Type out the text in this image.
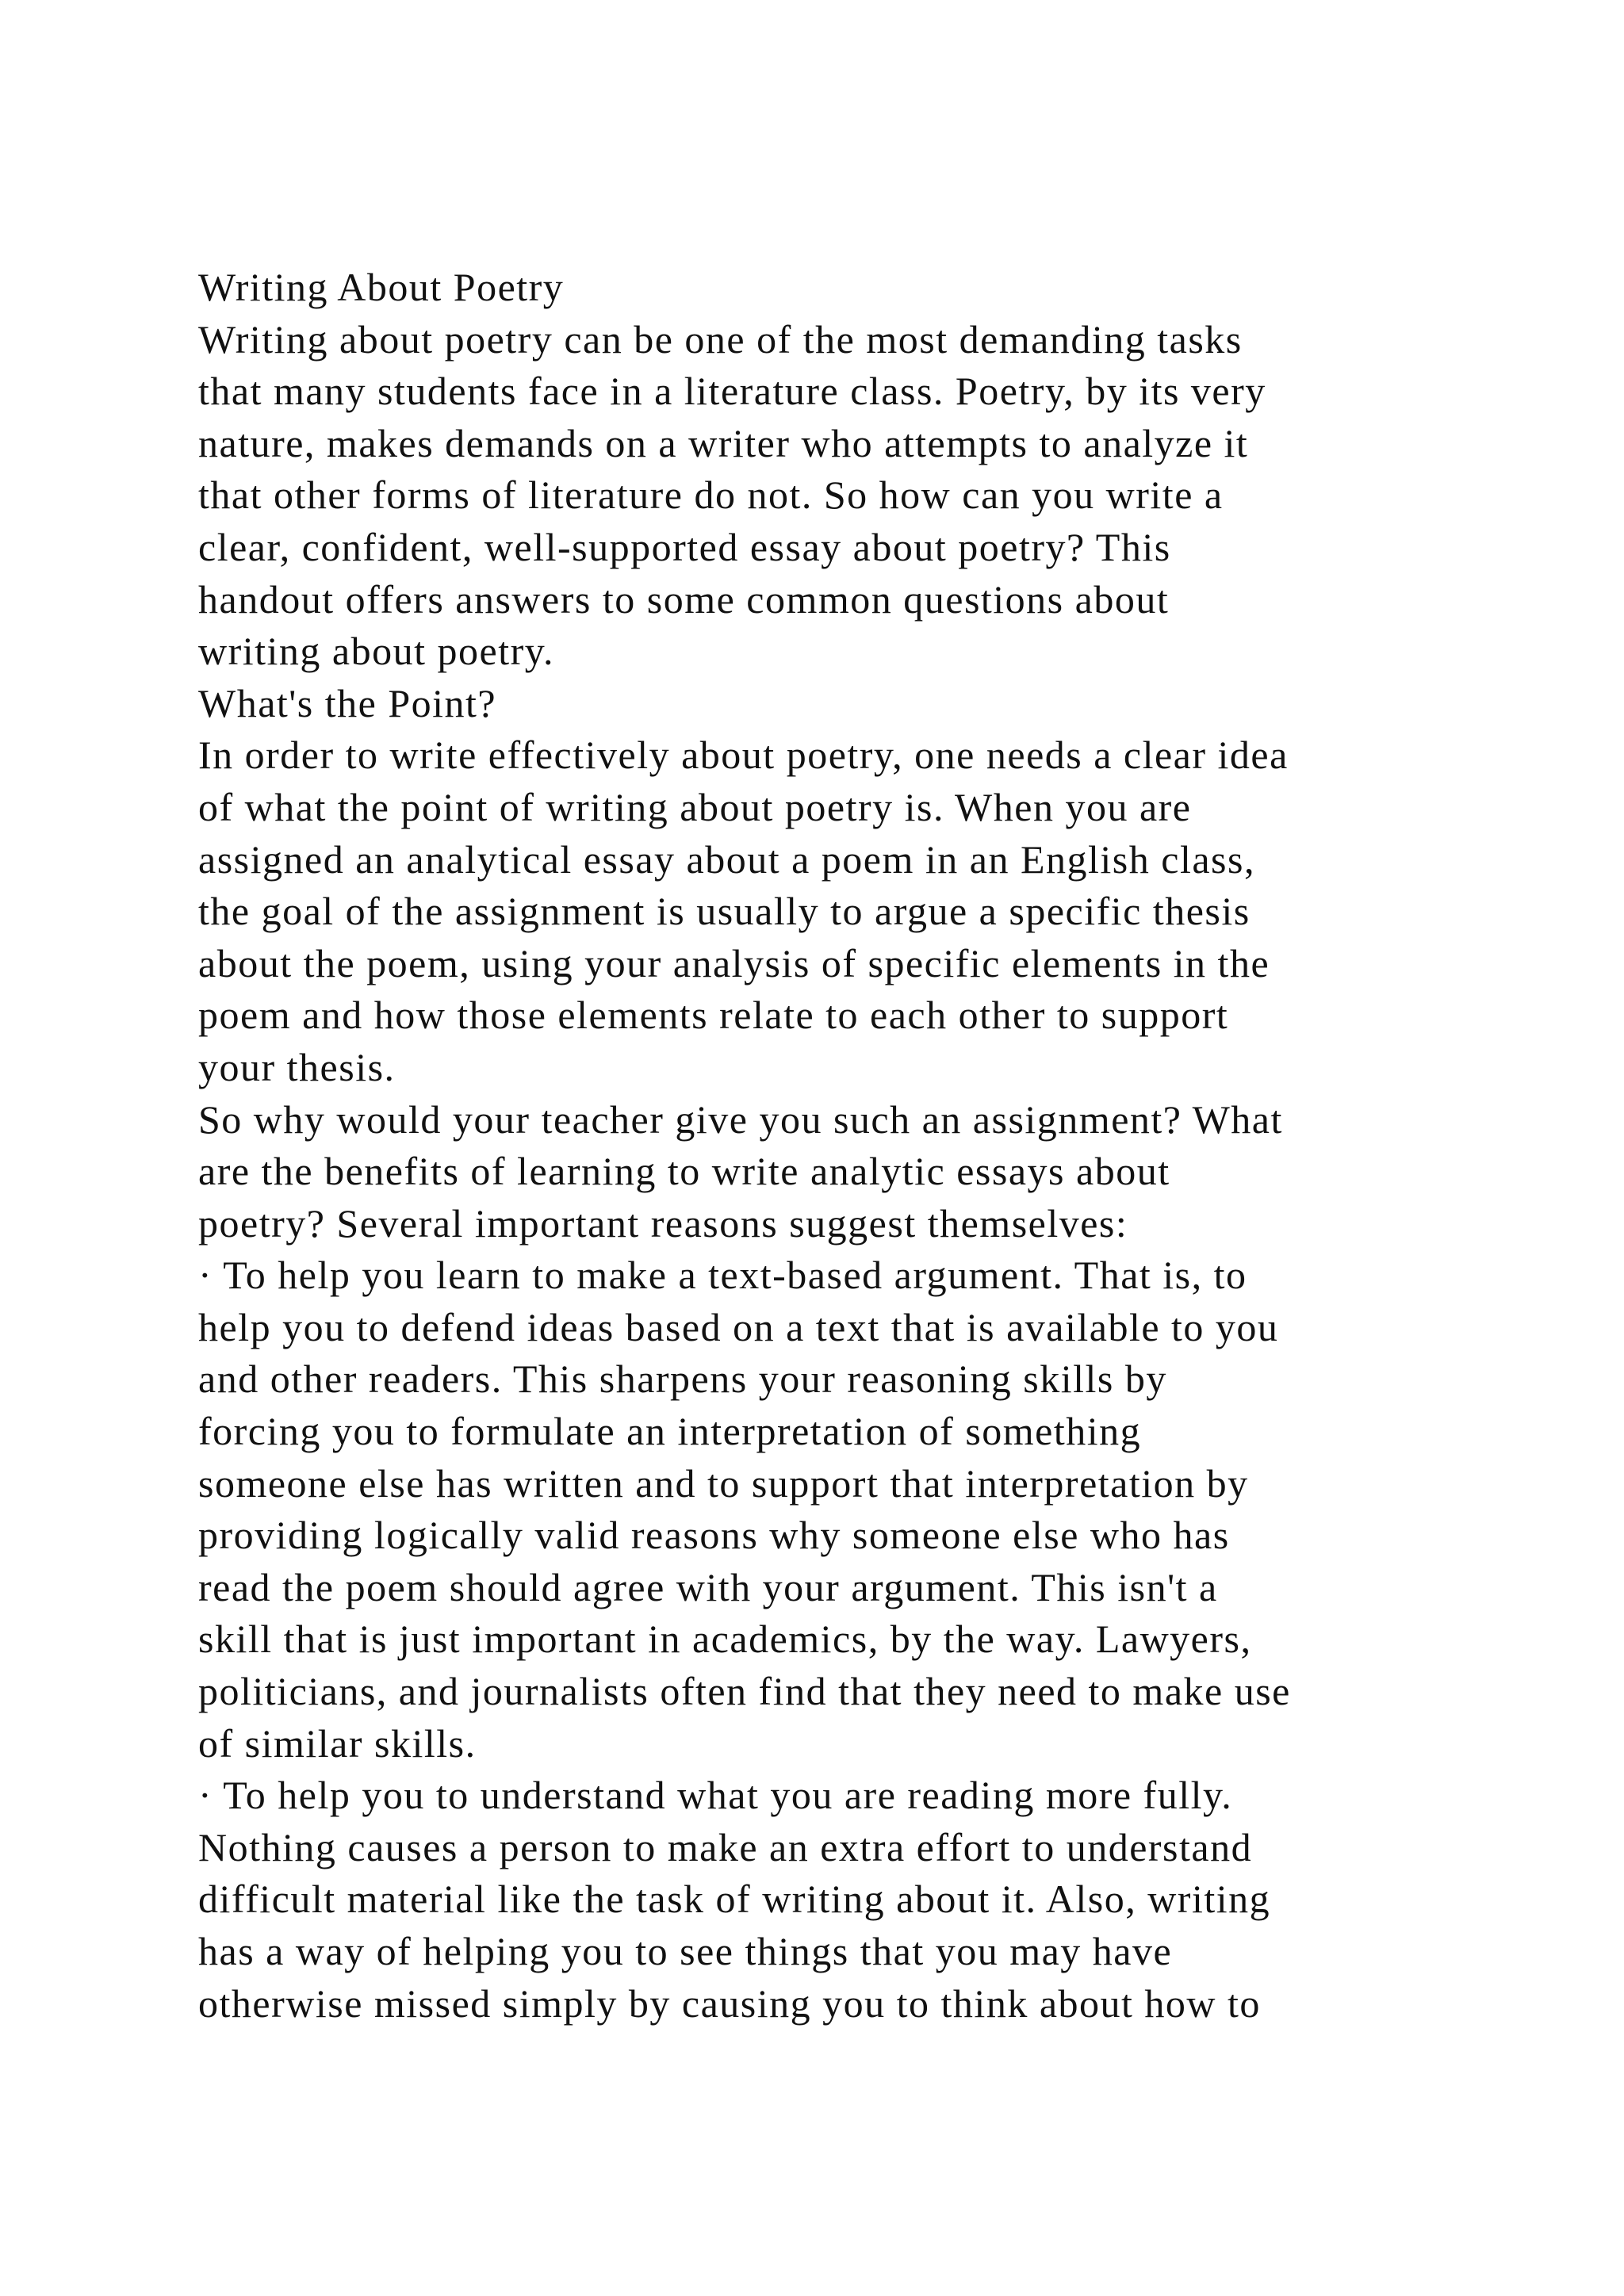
Writing About Poetry
Writing about poetry can be one of the most demanding tasks
that many students face in a literature class. Poetry, by its very
nature, makes demands on a writer who attempts to analyze it
that other forms of literature do not. So how can you write a
clear, confident, well-supported essay about poetry? This
handout offers answers to some common questions about
writing about poetry.
What's the Point?
In order to write effectively about poetry, one needs a clear idea
of what the point of writing about poetry is. When you are
assigned an analytical essay about a poem in an English class,
the goal of the assignment is usually to argue a specific thesis
about the poem, using your analysis of specific elements in the
poem and how those elements relate to each other to support
your thesis.
So why would your teacher give you such an assignment? What
are the benefits of learning to write analytic essays about
poetry? Several important reasons suggest themselves:
· To help you learn to make a text-based argument. That is, to
help you to defend ideas based on a text that is available to you
and other readers. This sharpens your reasoning skills by
forcing you to formulate an interpretation of something
someone else has written and to support that interpretation by
providing logically valid reasons why someone else who has
read the poem should agree with your argument. This isn't a
skill that is just important in academics, by the way. Lawyers,
politicians, and journalists often find that they need to make use
of similar skills.
· To help you to understand what you are reading more fully.
Nothing causes a person to make an extra effort to understand
difficult material like the task of writing about it. Also, writing
has a way of helping you to see things that you may have
otherwise missed simply by causing you to think about how to
